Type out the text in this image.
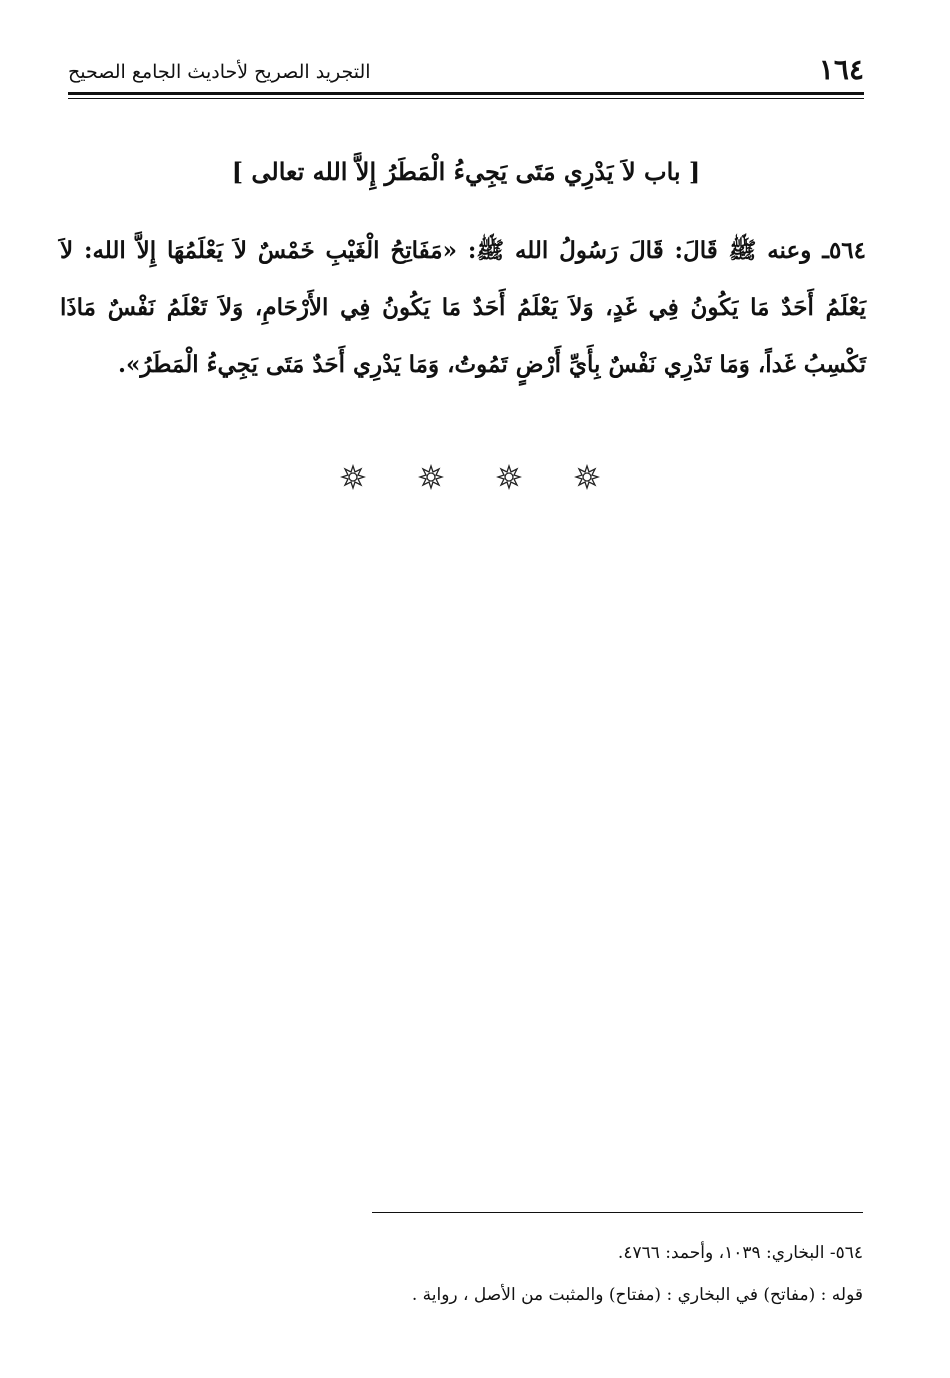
١٦٤
التجريد الصريح لأحاديث الجامع الصحيح
[ باب لاَ يَدْرِي مَتَى يَجِيءُ الْمَطَرُ إِلاَّ الله تعالى ]
٥٦٤ـ وعنه ﷺ قَالَ: قَالَ رَسُولُ الله ﷺ: «مَفَاتِحُ الْغَيْبِ خَمْسٌ لاَ يَعْلَمُهَا إِلاَّ الله: لاَ يَعْلَمُ أَحَدٌ مَا يَكُونُ فِي غَدٍ، وَلاَ يَعْلَمُ أَحَدٌ مَا يَكُونُ فِي الأَرْحَامِ، وَلاَ تَعْلَمُ نَفْسٌ مَاذَا تَكْسِبُ غَداً، وَمَا تَدْرِي نَفْسٌ بِأَيِّ أَرْضٍ تَمُوتُ، وَمَا يَدْرِي أَحَدٌ مَتَى يَجِيءُ الْمَطَرُ».
٥٦٤- البخاري: ١٠٣٩، وأحمد: ٤٧٦٦.
قوله : (مفاتح) في البخاري : (مفتاح) والمثبت من الأصل ، رواية .
